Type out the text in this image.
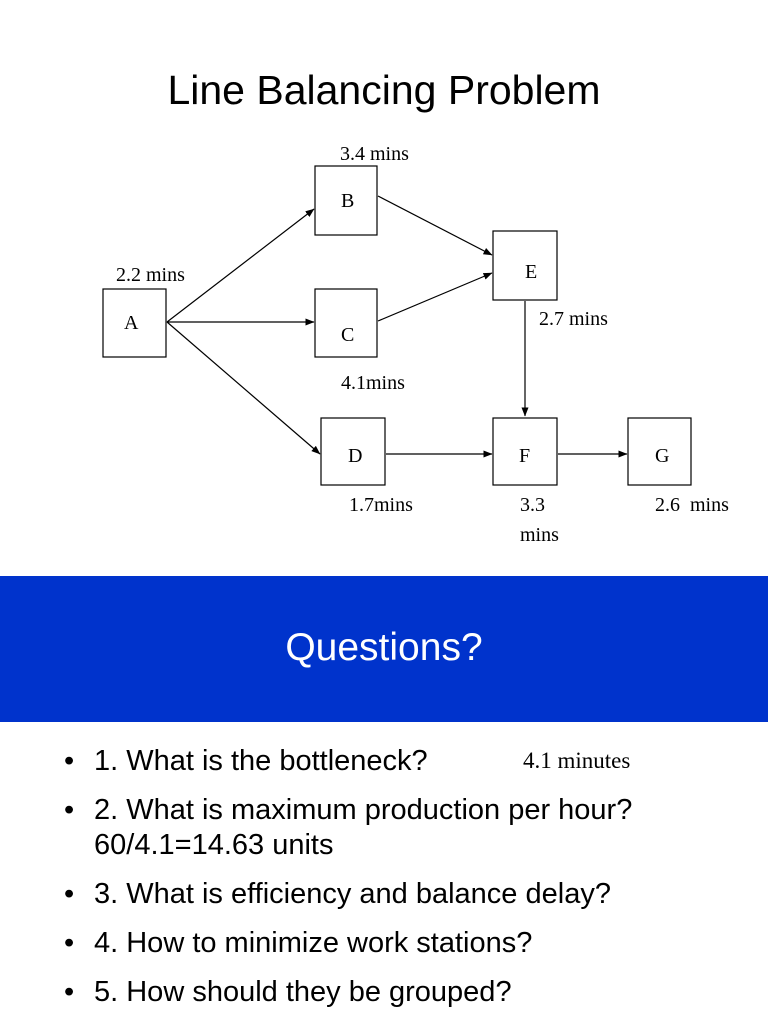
Line Balancing Problem
A
2.2 mins
B
3.4 mins
C
4.1mins
D
1.7mins
E
2.7 mins
F
3.3
mins
G
2.6  mins
Questions?
• 1. What is the bottleneck?
• 2. What is maximum production per hour? 60/4.1=14.63 units
• 3. What is efficiency and balance delay?
• 4. How to minimize work stations?
• 5. How should they be grouped?
4.1 minutes
